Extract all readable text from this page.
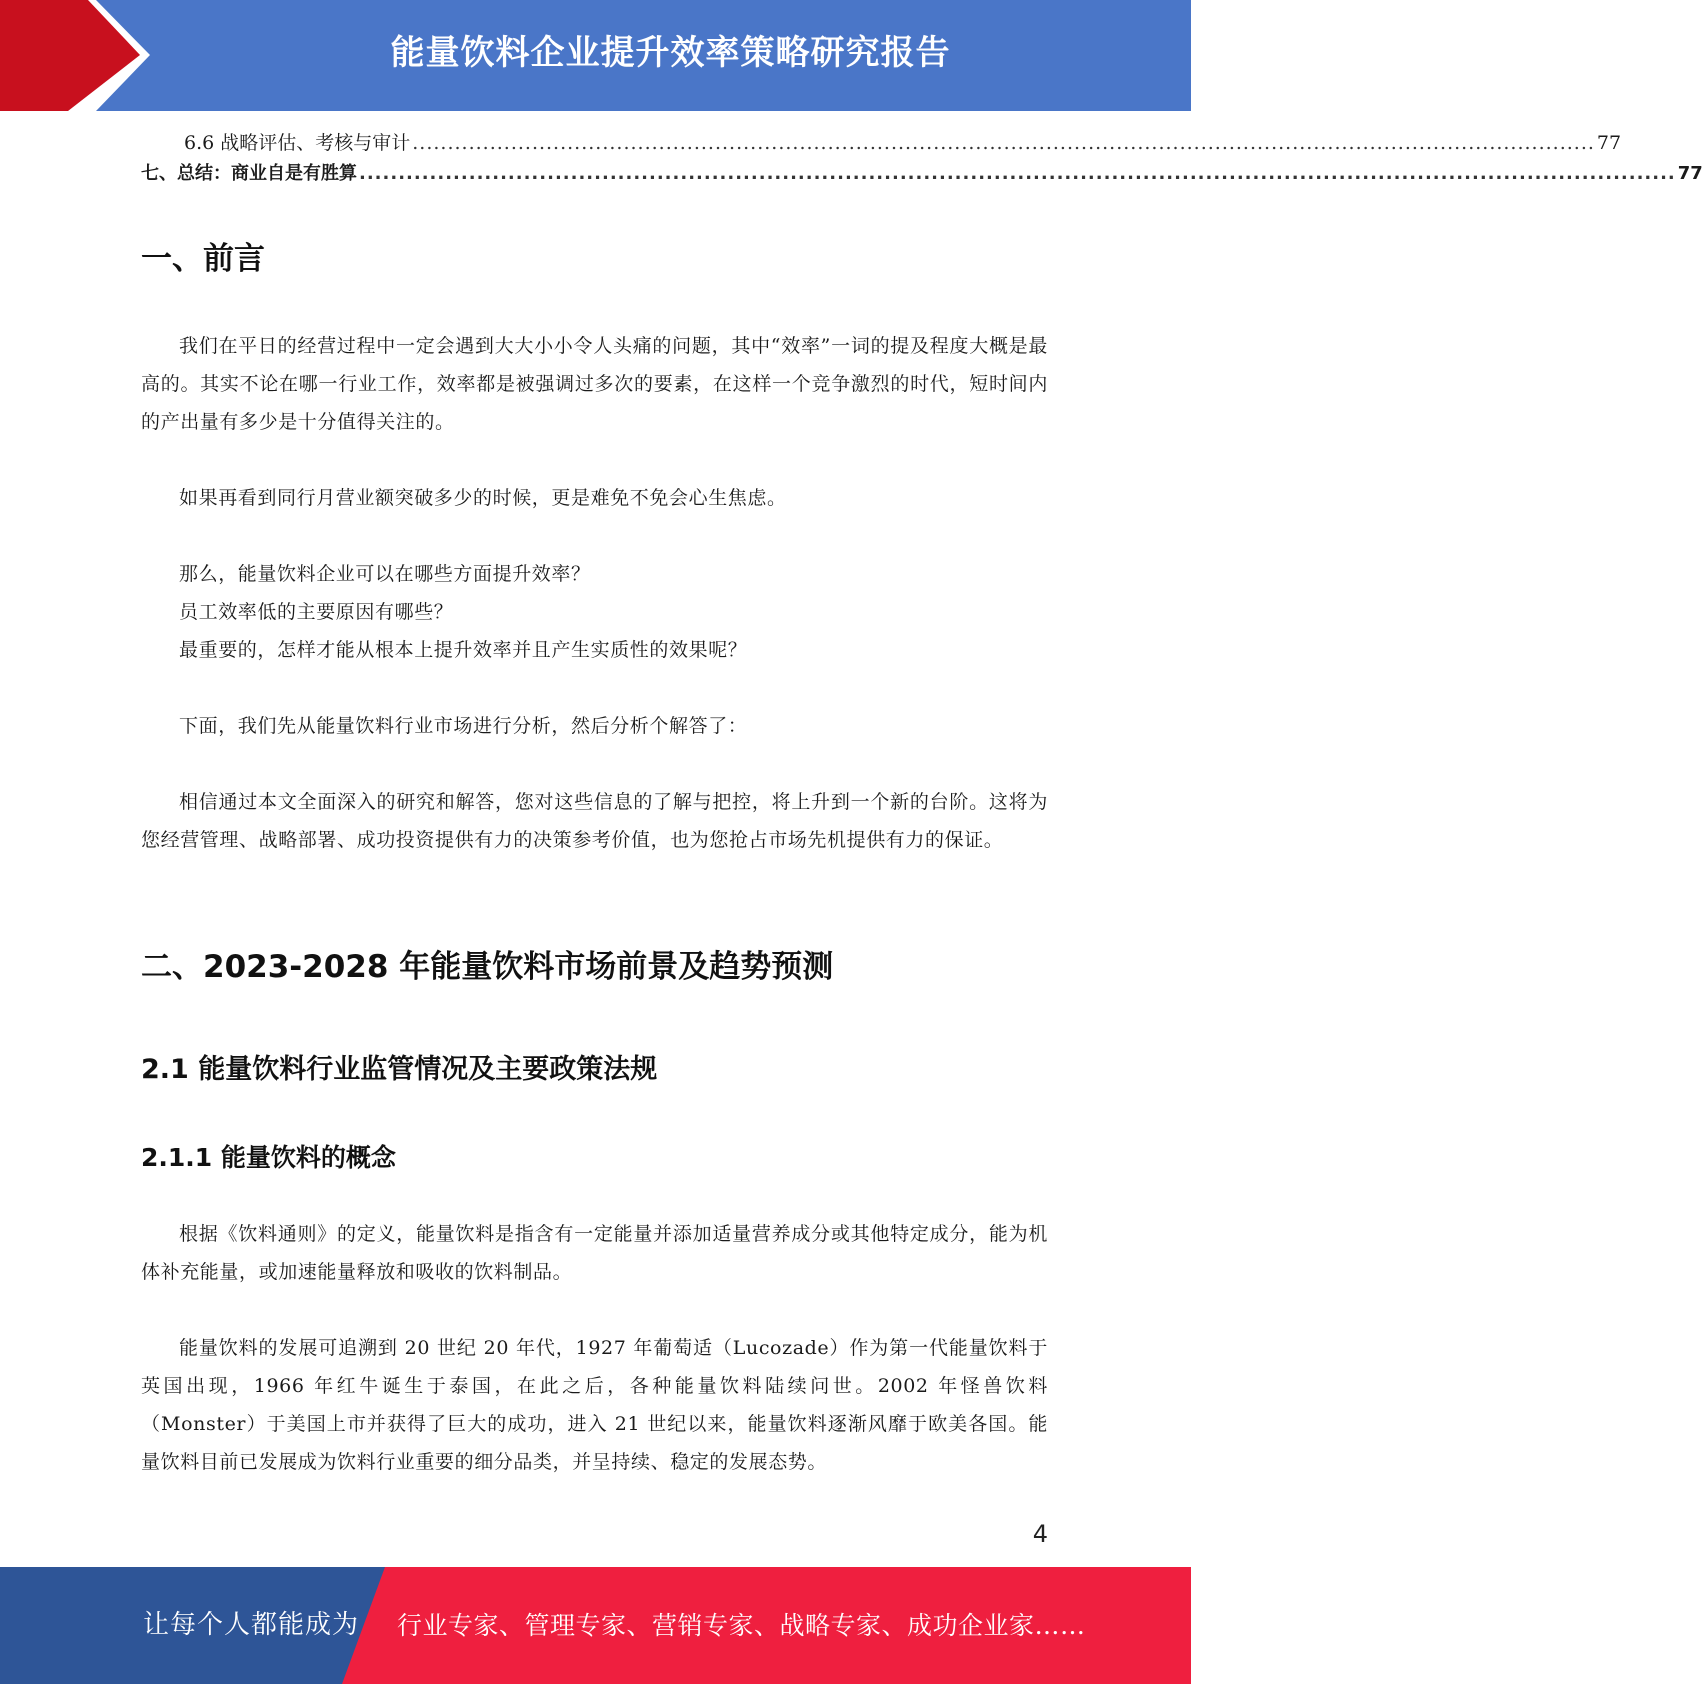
能量饮料企业提升效率策略研究报告
6.6 战略评估、考核与审计 ........................................................................................................................................................................ 77
七、总结：商业自是有胜算 ........................................................................................................................................................................ 77
一、前言

我们在平日的经营过程中一定会遇到大大小小令人头痛的问题，其中“效率”一词的提及程度大概是最高的。其实不论在哪一行业工作，效率都是被强调过多次的要素，在这样一个竞争激烈的时代，短时间内的产出量有多少是十分值得关注的。

如果再看到同行月营业额突破多少的时候，更是难免不免会心生焦虑。

那么，能量饮料企业可以在哪些方面提升效率？

员工效率低的主要原因有哪些？

最重要的，怎样才能从根本上提升效率并且产生实质性的效果呢？

下面，我们先从能量饮料行业市场进行分析，然后分析个解答了：

相信通过本文全面深入的研究和解答，您对这些信息的了解与把控，将上升到一个新的台阶。这将为您经营管理、战略部署、成功投资提供有力的决策参考价值，也为您抢占市场先机提供有力的保证。

二、2023-2028 年能量饮料市场前景及趋势预测
2.1 能量饮料行业监管情况及主要政策法规
2.1.1 能量饮料的概念

根据《饮料通则》的定义，能量饮料是指含有一定能量并添加适量营养成分或其他特定成分，能为机体补充能量，或加速能量释放和吸收的饮料制品。

能量饮料的发展可追溯到 20 世纪 20 年代，1927 年葡萄适（Lucozade）作为第一代能量饮料于英国出现，1966 年红牛诞生于泰国，在此之后，各种能量饮料陆续问世。2002 年怪兽饮料（Monster）于美国上市并获得了巨大的成功，进入 21 世纪以来，能量饮料逐渐风靡于欧美各国。能量饮料目前已发展成为饮料行业重要的细分品类，并呈持续、稳定的发展态势。

4
让每个人都能成为 行业专家、管理专家、营销专家、战略专家、成功企业家……
